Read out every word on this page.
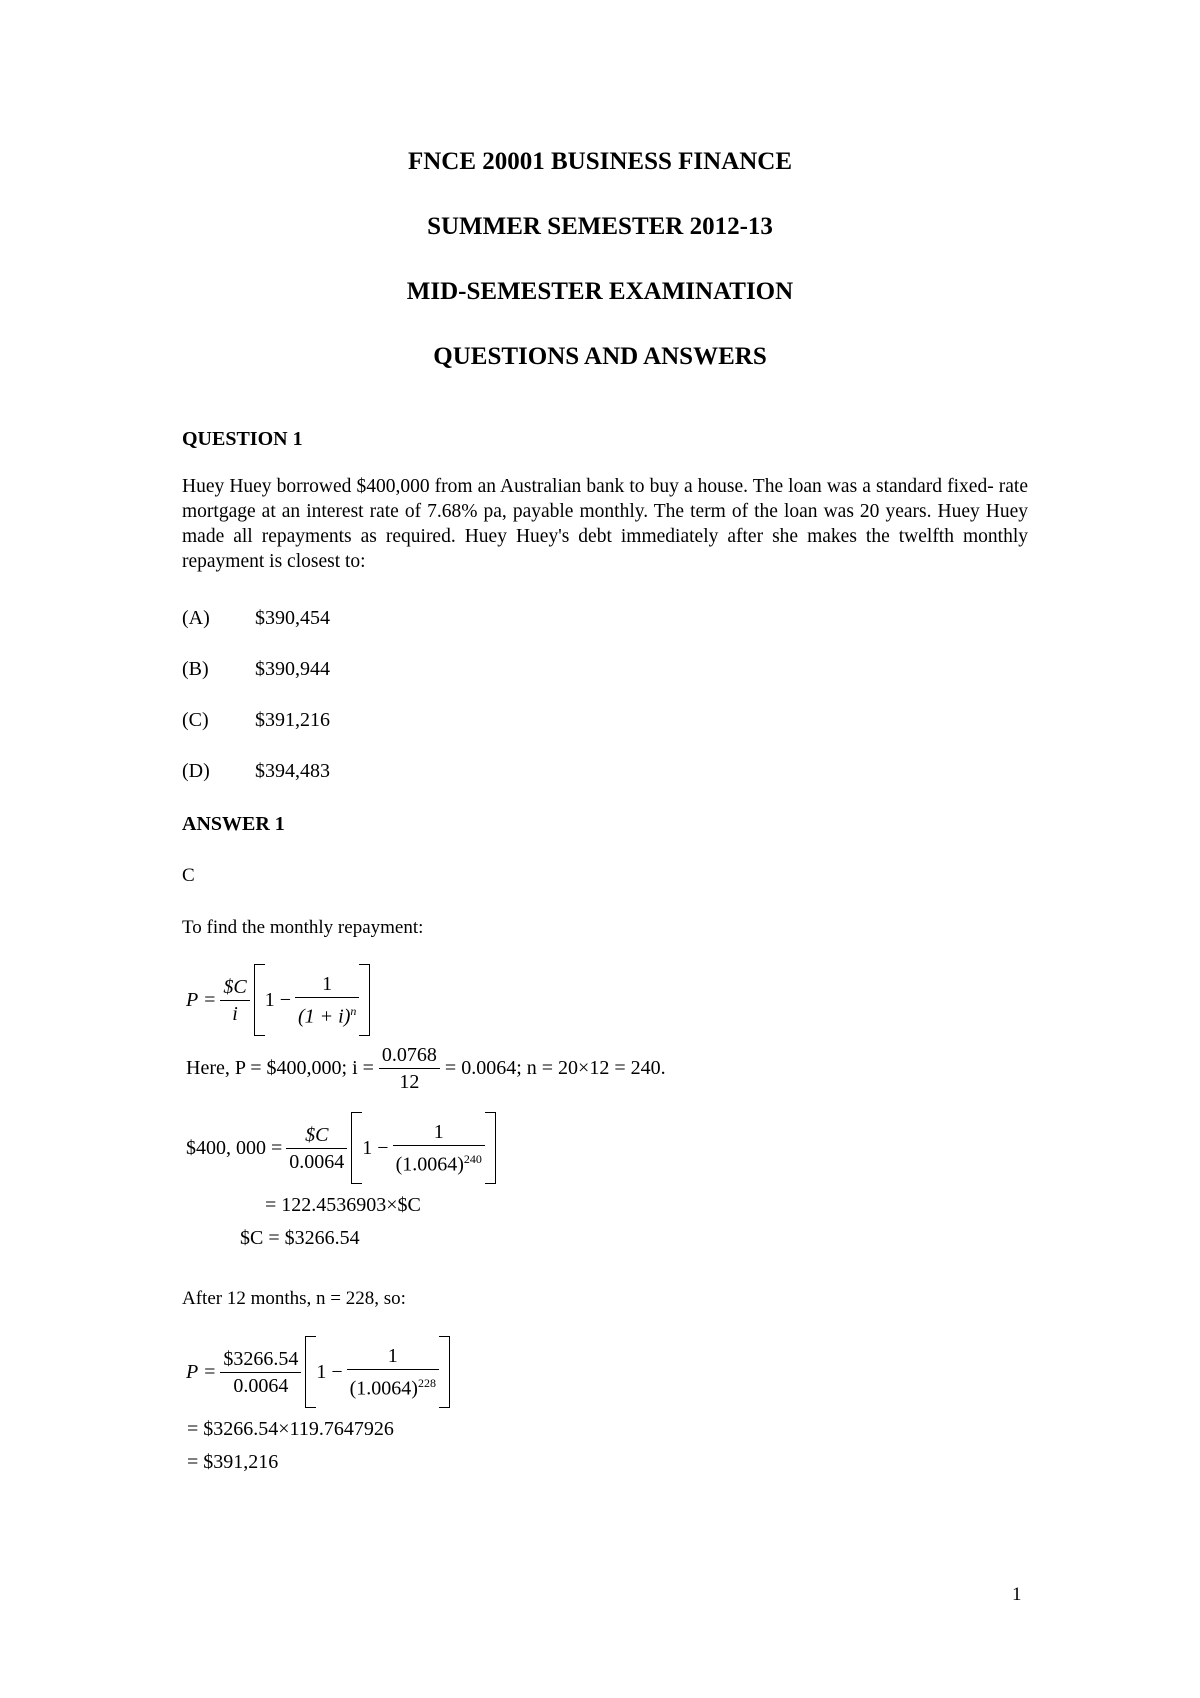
FNCE 20001 BUSINESS FINANCE
SUMMER SEMESTER 2012-13
MID-SEMESTER EXAMINATION
QUESTIONS AND ANSWERS
QUESTION 1
Huey Huey borrowed $400,000 from an Australian bank to buy a house. The loan was a standard fixed- rate mortgage at an interest rate of 7.68% pa, payable monthly. The term of the loan was 20 years. Huey Huey made all repayments as required. Huey Huey's debt immediately after she makes the twelfth monthly repayment is closest to:
(A) $390,454
(B) $390,944
(C) $391,216
(D) $394,483
ANSWER 1
C
To find the monthly repayment:
$P = \frac{\$C}{i} 1 - \frac{1}{(1 + i)^n}$
Here, P = $400,000; $i = \frac{0.0768}{12} = 0.0064$; n = 20×12 = 240.
$400, $000 = \frac{\$C}{0.0064} 1 - \frac{1}{(1.0064)^{240}}$
= 122.4536903×$C
$C = $3266.54
After 12 months, n = 228, so:
$P = \frac{\$3266.54}{0.0064} 1 - \frac{1}{(1.0064)^{228}}$
= $3266.54×119.7647926
= $391,216
1
